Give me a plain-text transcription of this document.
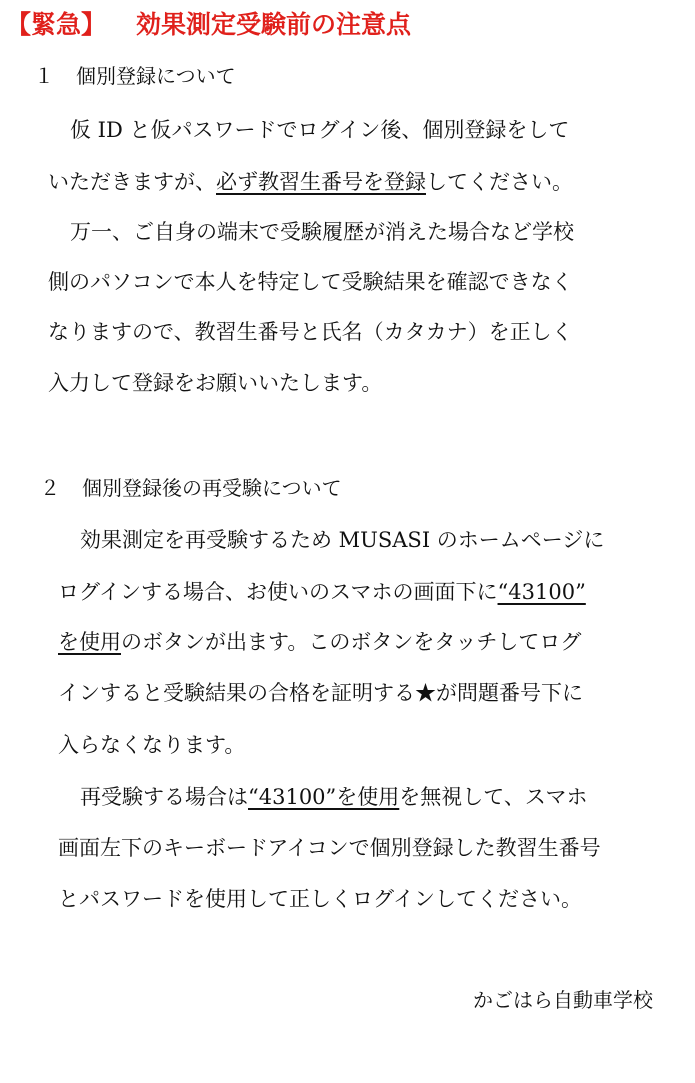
【緊急】 効果測定受験前の注意点
１ 個別登録について
仮 ID と仮パスワードでログイン後、個別登録をして
いただきますが、必ず教習生番号を登録してください。
万一、ご自身の端末で受験履歴が消えた場合など学校
側のパソコンで本人を特定して受験結果を確認できなく
なりますので、教習生番号と氏名（カタカナ）を正しく
入力して登録をお願いいたします。
２ 個別登録後の再受験について
効果測定を再受験するため MUSASI のホームページに
ログインする場合、お使いのスマホの画面下に“43100”
を使用のボタンが出ます。このボタンをタッチしてログ
インすると受験結果の合格を証明する★が問題番号下に
入らなくなります。
再受験する場合は“43100”を使用を無視して、スマホ
画面左下のキーボードアイコンで個別登録した教習生番号
とパスワードを使用して正しくログインしてください。
かごはら自動車学校
